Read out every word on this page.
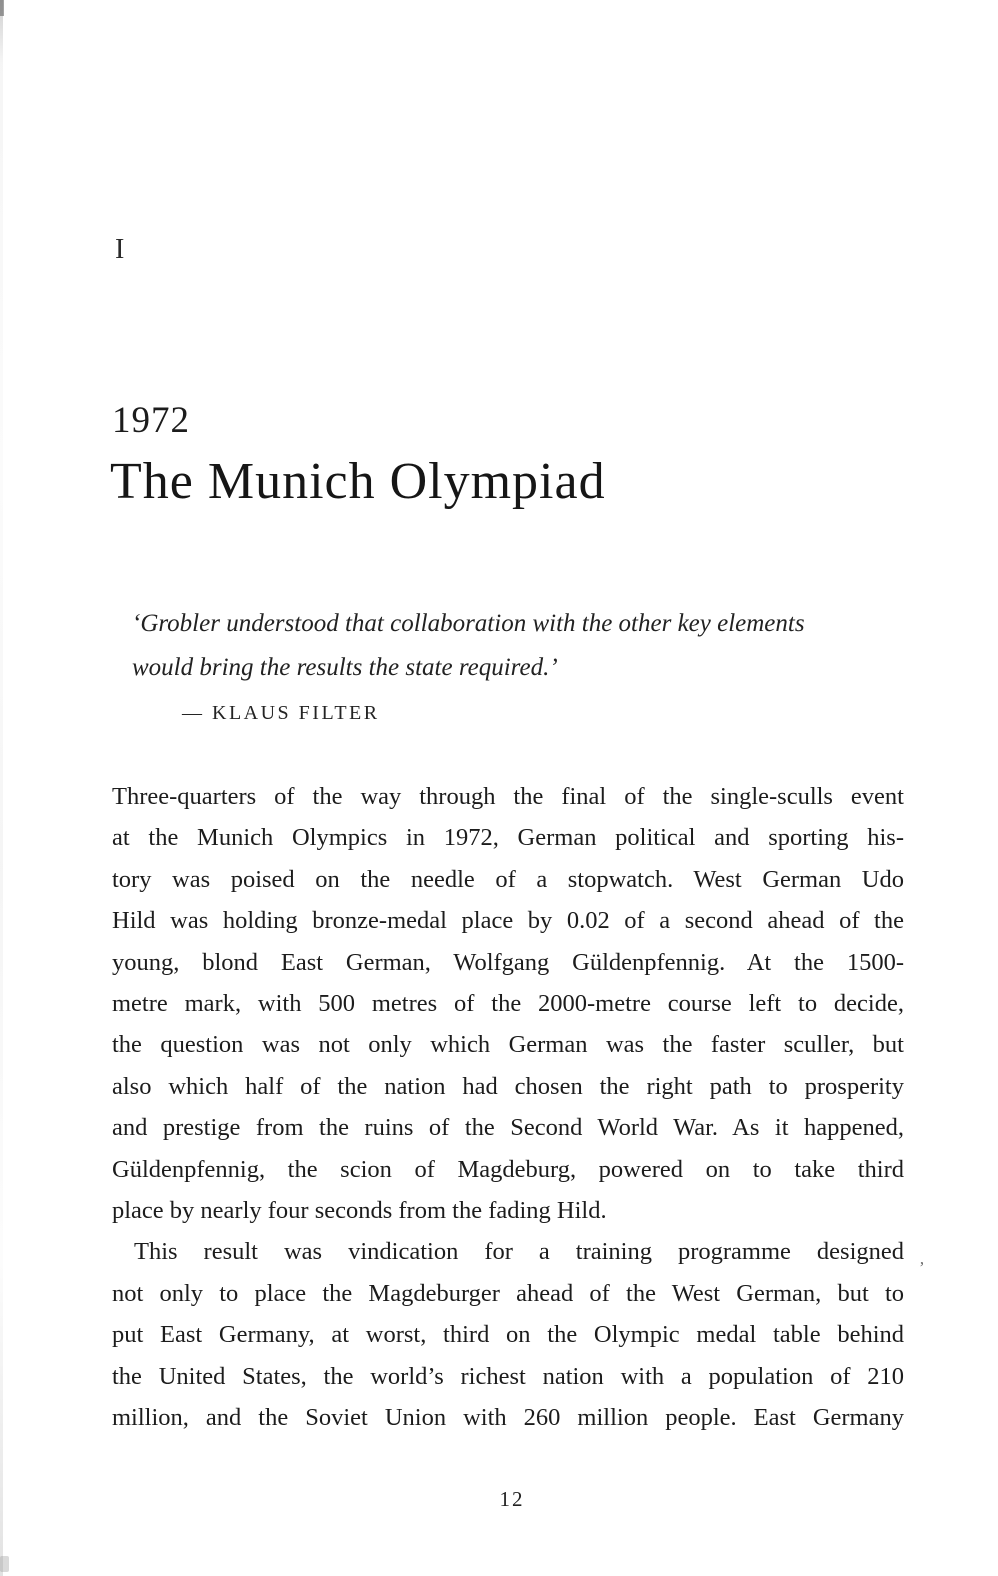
’
I
1972
The Munich Olympiad
‘Grobler understood that collaboration with the other key elements
would bring the results the state required.’
— KLAUS FILTER
Three-quarters of the way through the final of the single-sculls event
at the Munich Olympics in 1972, German political and sporting his-
tory was poised on the needle of a stopwatch. West German Udo
Hild was holding bronze-medal place by 0.02 of a second ahead of the
young, blond East German, Wolfgang Güldenpfennig. At the 1500-
metre mark, with 500 metres of the 2000-metre course left to decide,
the question was not only which German was the faster sculler, but
also which half of the nation had chosen the right path to prosperity
and prestige from the ruins of the Second World War. As it happened,
Güldenpfennig, the scion of Magdeburg, powered on to take third
place by nearly four seconds from the fading Hild.
This result was vindication for a training programme designed
not only to place the Magdeburger ahead of the West German, but to
put East Germany, at worst, third on the Olympic medal table behind
the United States, the world’s richest nation with a population of 210
million, and the Soviet Union with 260 million people. East Germany
12
